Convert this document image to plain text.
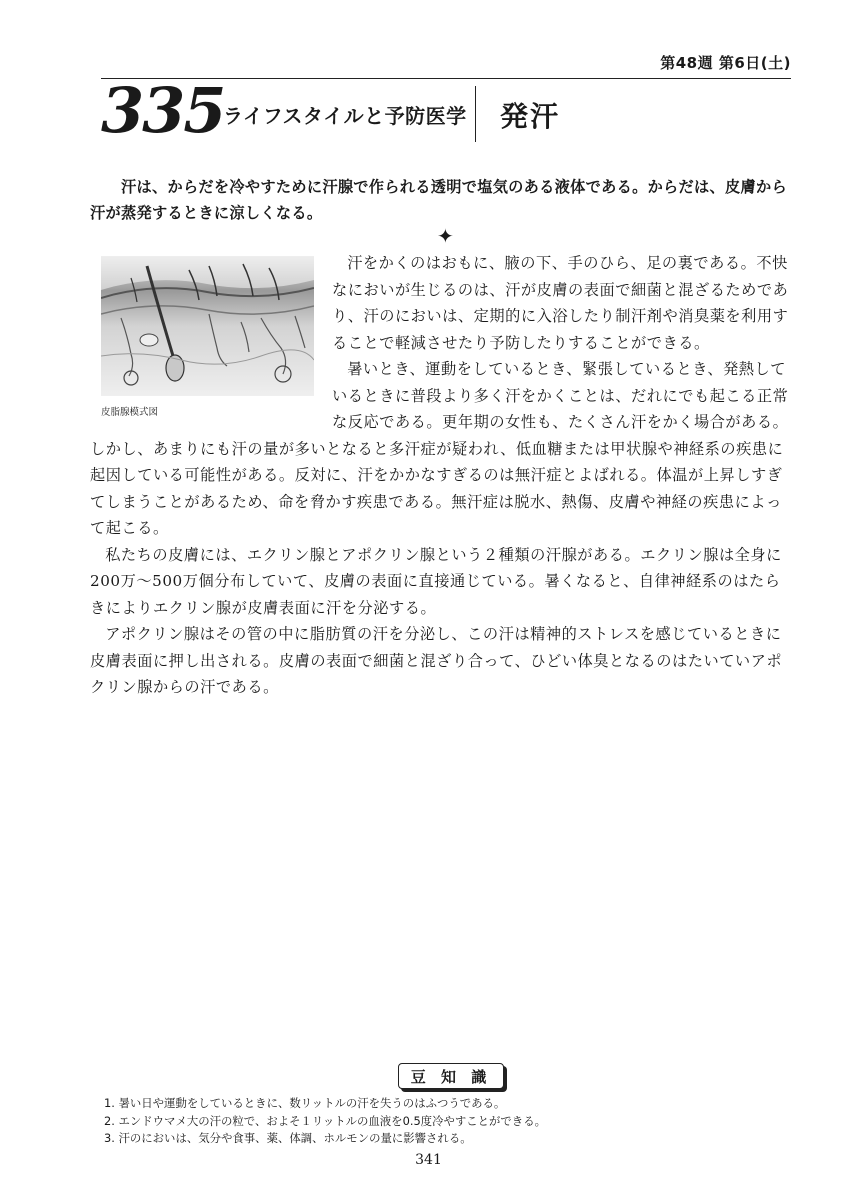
第48週 第6日(土)
335
ライフスタイルと予防医学 発汗

汗は、からだを冷やすために汗腺で作られる透明で塩気のある液体である。からだは、皮膚から汗が蒸発するときに涼しくなる。

✦
皮脂腺模式図

汗をかくのはおもに、腋の下、手のひら、足の裏である。不快なにおいが生じるのは、汗が皮膚の表面で細菌と混ざるためであり、汗のにおいは、定期的に入浴したり制汗剤や消臭薬を利用することで軽減させたり予防したりすることができる。

暑いとき、運動をしているとき、緊張しているとき、発熱しているときに普段より多く汗をかくことは、だれにでも起こる正常な反応である。更年期の女性も、たくさん汗をかく場合がある。しかし、あまりにも汗の量が多いとなると多汗症が疑われ、低血糖または甲状腺や神経系の疾患に起因している可能性がある。反対に、汗をかかなすぎるのは無汗症とよばれる。体温が上昇しすぎてしまうことがあるため、命を脅かす疾患である。無汗症は脱水、熱傷、皮膚や神経の疾患によって起こる。

私たちの皮膚には、エクリン腺とアポクリン腺という２種類の汗腺がある。エクリン腺は全身に200万〜500万個分布していて、皮膚の表面に直接通じている。暑くなると、自律神経系のはたらきによりエクリン腺が皮膚表面に汗を分泌する。

アポクリン腺はその管の中に脂肪質の汗を分泌し、この汗は精神的ストレスを感じているときに皮膚表面に押し出される。皮膚の表面で細菌と混ざり合って、ひどい体臭となるのはたいていアポクリン腺からの汗である。

豆 知 識
1. 暑い日や運動をしているときに、数リットルの汗を失うのはふつうである。
2. エンドウマメ大の汗の粒で、およそ１リットルの血液を0.5度冷やすことができる。
3. 汗のにおいは、気分や食事、薬、体調、ホルモンの量に影響される。
341
